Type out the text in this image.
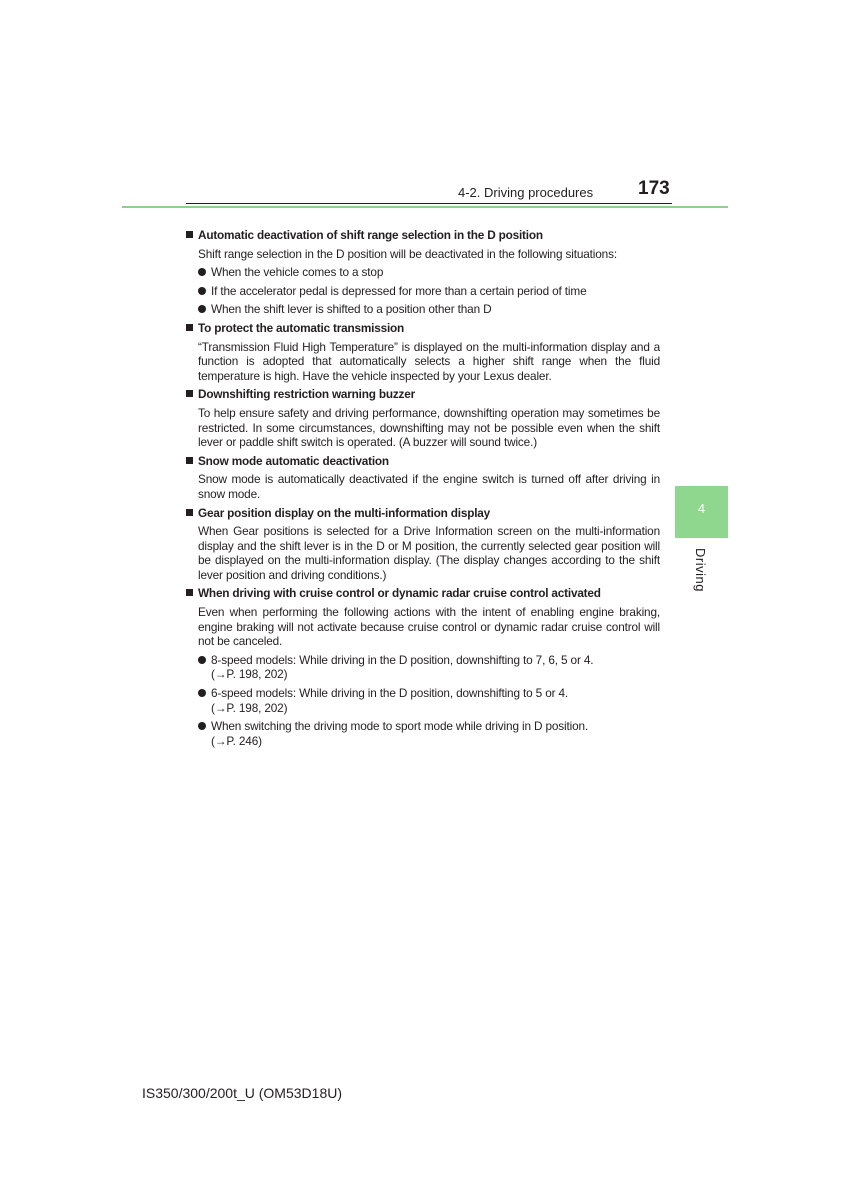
4-2. Driving procedures 173
4
Driving
Automatic deactivation of shift range selection in the D position
Shift range selection in the D position will be deactivated in the following situations:
When the vehicle comes to a stop
If the accelerator pedal is depressed for more than a certain period of time
When the shift lever is shifted to a position other than D
To protect the automatic transmission
“Transmission Fluid High Temperature” is displayed on the multi-information display and a function is adopted that automatically selects a higher shift range when the fluid temperature is high. Have the vehicle inspected by your Lexus dealer.
Downshifting restriction warning buzzer
To help ensure safety and driving performance, downshifting operation may sometimes be restricted. In some circumstances, downshifting may not be possible even when the shift lever or paddle shift switch is operated. (A buzzer will sound twice.)
Snow mode automatic deactivation
Snow mode is automatically deactivated if the engine switch is turned off after driving in snow mode.
Gear position display on the multi-information display
When Gear positions is selected for a Drive Information screen on the multi-information display and the shift lever is in the D or M position, the currently selected gear position will be displayed on the multi-information display. (The display changes according to the shift lever position and driving conditions.)
When driving with cruise control or dynamic radar cruise control activated
Even when performing the following actions with the intent of enabling engine braking, engine braking will not activate because cruise control or dynamic radar cruise control will not be canceled.
8-speed models: While driving in the D position, downshifting to 7, 6, 5 or 4.
(→P. 198, 202)
6-speed models: While driving in the D position, downshifting to 5 or 4.
(→P. 198, 202)
When switching the driving mode to sport mode while driving in D position.
(→P. 246)
IS350/300/200t_U (OM53D18U)
